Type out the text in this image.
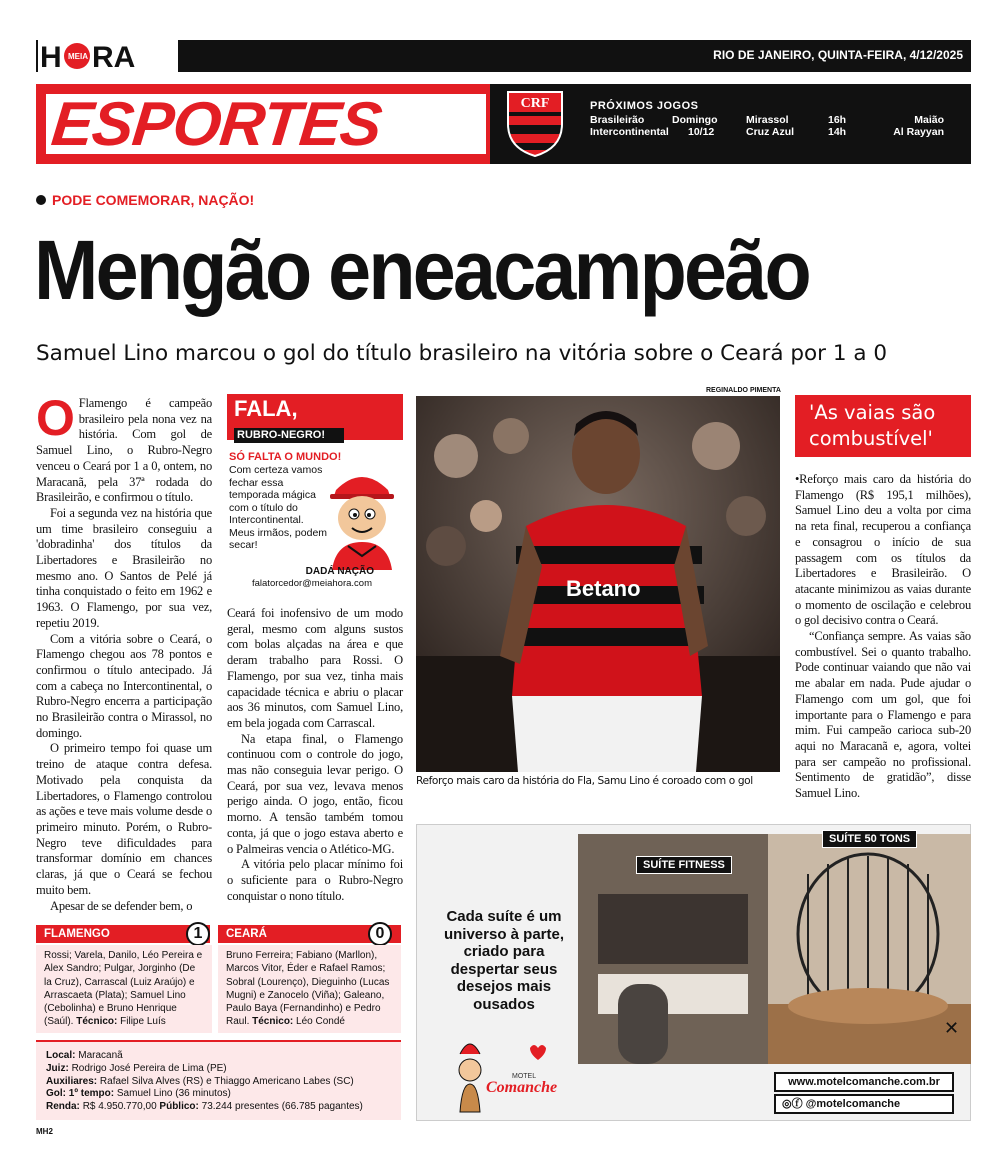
H MEIA RA	RIO DE JANEIRO, QUINTA-FEIRA, 4/12/2025
ESPORTES	CRF	PRÓXIMOS JOGOS
Brasileirão	Domingo	Mirassol	16h	Maião
Intercontinental 10/12	Cruz Azul	14h	Al Rayyan
PODE COMEMORAR, NAÇÃO!
Mengão eneacampeão
Samuel Lino marcou o gol do título brasileiro na vitória sobre o Ceará por 1 a 0

O Flamengo é campeão brasileiro pela nona vez na história. Com gol de Samuel Lino, o Rubro-Negro venceu o Ceará por 1 a 0, ontem, no Maracanã, pela 37ª rodada do Brasileirão, e confirmou o título.

Foi a segunda vez na história que um time brasileiro conseguiu a 'dobradinha' dos títulos da Libertadores e Brasileirão no mesmo ano. O Santos de Pelé já tinha conquistado o feito em 1962 e 1963. O Flamengo, por sua vez, repetiu 2019.

Com a vitória sobre o Ceará, o Flamengo chegou aos 78 pontos e confirmou o título antecipado. Já com a cabeça no Intercontinental, o Rubro-Negro encerra a participação no Brasileirão contra o Mirassol, no domingo.

O primeiro tempo foi quase um treino de ataque contra defesa. Motivado pela conquista da Libertadores, o Flamengo controlou as ações e teve mais volume desde o primeiro minuto. Porém, o Rubro-Negro teve dificuldades para transformar domínio em chances claras, já que o Ceará se fechou muito bem.

Apesar de se defender bem, o

FALA,
RUBRO-NEGRO!
SÓ FALTA O MUNDO!
Com certeza vamos fechar essa temporada mágica com o título do Intercontinental. Meus irmãos, podem secar!
DADÁ NAÇÃO
falatorcedor@meiahora.com

Ceará foi inofensivo de um modo geral, mesmo com alguns sustos com bolas alçadas na área e que deram trabalho para Rossi. O Flamengo, por sua vez, tinha mais capacidade técnica e abriu o placar aos 36 minutos, com Samuel Lino, em bela jogada com Carrascal.

Na etapa final, o Flamengo continuou com o controle do jogo, mas não conseguia levar perigo. O Ceará, por sua vez, levava menos perigo ainda. O jogo, então, ficou morno. A tensão também tomou conta, já que o jogo estava aberto e o Palmeiras vencia o Atlético-MG.

A vitória pelo placar mínimo foi o suficiente para o Rubro-Negro conquistar o nono título.

REGINALDO PIMENTA
Betano
Reforço mais caro da história do Fla, Samu Lino é coroado com o gol
'As vaias são combustível'

•Reforço mais caro da história do Flamengo (R$ 195,1 milhões), Samuel Lino deu a volta por cima na reta final, recuperou a confiança e consagrou o início de sua passagem com os títulos da Libertadores e Brasileirão. O atacante minimizou as vaias durante o momento de oscilação e celebrou o gol decisivo contra o Ceará.

“Confiança sempre. As vaias são combustível. Sei o quanto trabalho. Pode continuar vaiando que não vai me abalar em nada. Pude ajudar o Flamengo com um gol, que foi importante para o Flamengo e para mim. Fui campeão carioca sub-20 aqui no Maracanã e, agora, voltei para ser campeão no profissional. Sentimento de gratidão”, disse Samuel Lino.

FLAMENGO	1	CEARÁ	0
Rossi; Varela, Danilo, Léo Pereira e Alex Sandro; Pulgar, Jorginho (De la Cruz), Carrascal (Luiz Araújo) e Arrascaeta (Plata); Samuel Lino (Cebolinha) e Bruno Henrique (Saúl). Técnico: Filipe Luís
Bruno Ferreira; Fabiano (Marllon), Marcos Vitor, Éder e Rafael Ramos; Sobral (Lourenço), Dieguinho (Lucas Mugni) e Zanocelo (Viña); Galeano, Paulo Baya (Fernandinho) e Pedro Raul. Técnico: Léo Condé
Local: Maracanã
Juiz: Rodrigo José Pereira de Lima (PE)
Auxiliares: Rafael Silva Alves (RS) e Thiaggo Americano Labes (SC)
Gol: 1º tempo: Samuel Lino (36 minutos)
Renda: R$ 4.950.770,00 Público: 73.244 presentes (66.785 pagantes)
MH2
SUÍTE FITNESS
SUÍTE 50 TONS
Cada suíte é um universo à parte, criado para despertar seus desejos mais ousados
MOTEL
Comanche	www.motelcomanche.com.br
◎ⓕ @motelcomanche
✕
